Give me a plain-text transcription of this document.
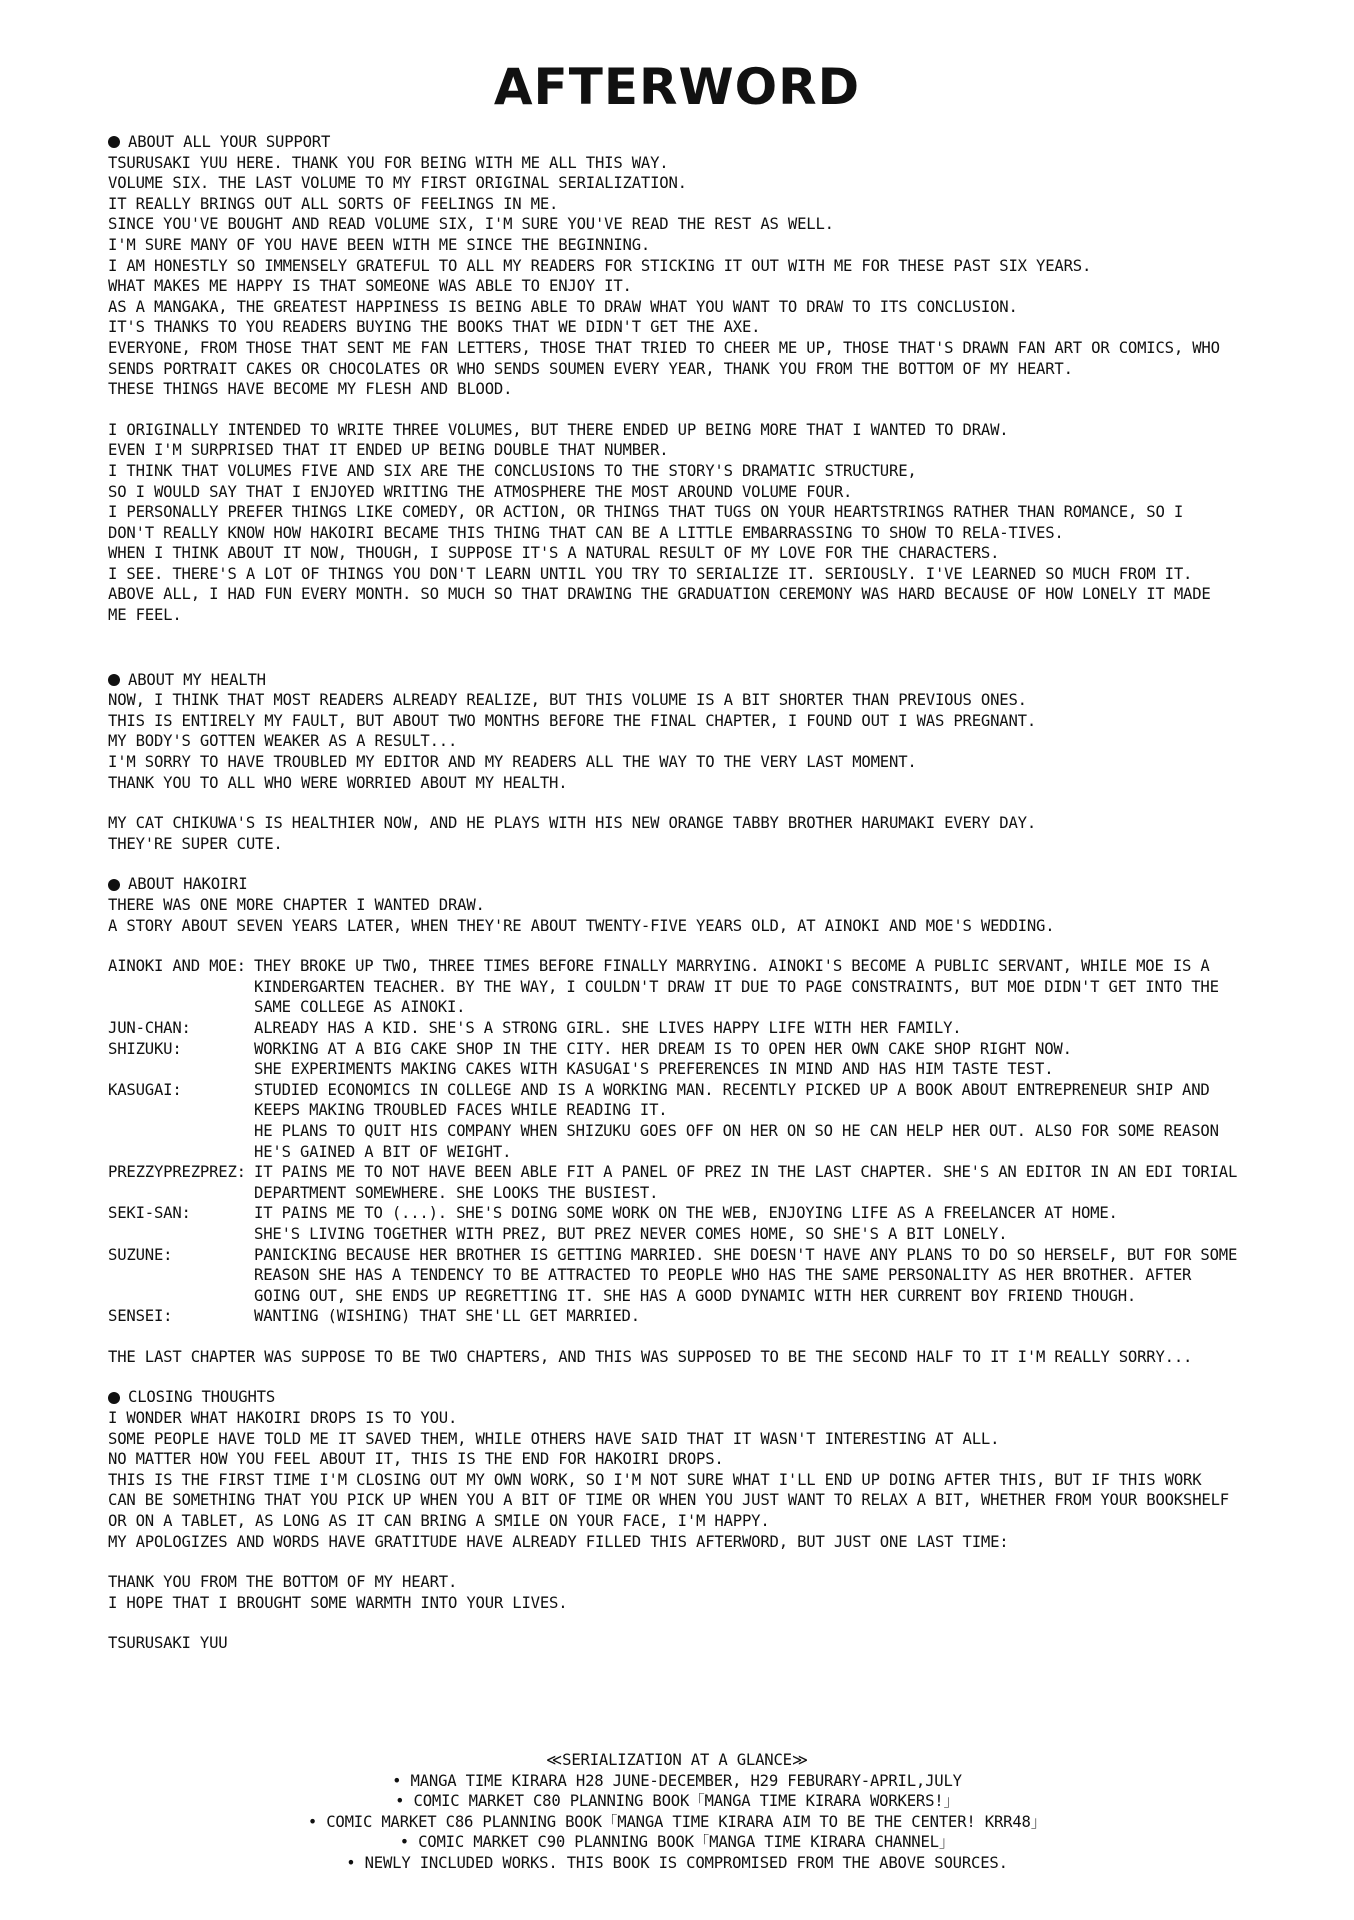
AFTERWORD
ABOUT ALL YOUR SUPPORT
TSURUSAKI YUU HERE. THANK YOU FOR BEING WITH ME ALL THIS WAY.
VOLUME SIX. THE LAST VOLUME TO MY FIRST ORIGINAL SERIALIZATION.
IT REALLY BRINGS OUT ALL SORTS OF FEELINGS IN ME.
SINCE YOU'VE BOUGHT AND READ VOLUME SIX, I'M SURE YOU'VE READ THE REST AS WELL.
I'M SURE MANY OF YOU HAVE BEEN WITH ME SINCE THE BEGINNING.
I AM HONESTLY SO IMMENSELY GRATEFUL TO ALL MY READERS FOR STICKING IT OUT WITH ME FOR THESE PAST SIX YEARS.
WHAT MAKES ME HAPPY IS THAT SOMEONE WAS ABLE TO ENJOY IT.
AS A MANGAKA, THE GREATEST HAPPINESS IS BEING ABLE TO DRAW WHAT YOU WANT TO DRAW TO ITS CONCLUSION.
IT'S THANKS TO YOU READERS BUYING THE BOOKS THAT WE DIDN'T GET THE AXE.
EVERYONE, FROM THOSE THAT SENT ME FAN LETTERS, THOSE THAT TRIED TO CHEER ME UP, THOSE THAT'S DRAWN FAN ART OR COMICS, WHO SENDS PORTRAIT CAKES OR CHOCOLATES OR WHO SENDS SOUMEN EVERY YEAR, THANK YOU FROM THE BOTTOM OF MY HEART.
THESE THINGS HAVE BECOME MY FLESH AND BLOOD.
I ORIGINALLY INTENDED TO WRITE THREE VOLUMES, BUT THERE ENDED UP BEING MORE THAT I WANTED TO DRAW.
EVEN I'M SURPRISED THAT IT ENDED UP BEING DOUBLE THAT NUMBER.
I THINK THAT VOLUMES FIVE AND SIX ARE THE CONCLUSIONS TO THE STORY'S DRAMATIC STRUCTURE,
SO I WOULD SAY THAT I ENJOYED WRITING THE ATMOSPHERE THE MOST AROUND VOLUME FOUR.
I PERSONALLY PREFER THINGS LIKE COMEDY, OR ACTION, OR THINGS THAT TUGS ON YOUR HEARTSTRINGS RATHER THAN ROMANCE, SO I DON'T REALLY KNOW HOW HAKOIRI BECAME THIS THING THAT CAN BE A LITTLE EMBARRASSING TO SHOW TO RELA-TIVES.
WHEN I THINK ABOUT IT NOW, THOUGH, I SUPPOSE IT'S A NATURAL RESULT OF MY LOVE FOR THE CHARACTERS.
I SEE. THERE'S A LOT OF THINGS YOU DON'T LEARN UNTIL YOU TRY TO SERIALIZE IT. SERIOUSLY. I'VE LEARNED SO MUCH FROM IT.
ABOVE ALL, I HAD FUN EVERY MONTH. SO MUCH SO THAT DRAWING THE GRADUATION CEREMONY WAS HARD BECAUSE OF HOW LONELY IT MADE ME FEEL.
ABOUT MY HEALTH
NOW, I THINK THAT MOST READERS ALREADY REALIZE, BUT THIS VOLUME IS A BIT SHORTER THAN PREVIOUS ONES.
THIS IS ENTIRELY MY FAULT, BUT ABOUT TWO MONTHS BEFORE THE FINAL CHAPTER, I FOUND OUT I WAS PREGNANT.
MY BODY'S GOTTEN WEAKER AS A RESULT...
I'M SORRY TO HAVE TROUBLED MY EDITOR AND MY READERS ALL THE WAY TO THE VERY LAST MOMENT.
THANK YOU TO ALL WHO WERE WORRIED ABOUT MY HEALTH.
MY CAT CHIKUWA'S IS HEALTHIER NOW, AND HE PLAYS WITH HIS NEW ORANGE TABBY BROTHER HARUMAKI EVERY DAY.
THEY'RE SUPER CUTE.
ABOUT HAKOIRI
THERE WAS ONE MORE CHAPTER I WANTED DRAW.
A STORY ABOUT SEVEN YEARS LATER, WHEN THEY'RE ABOUT TWENTY-FIVE YEARS OLD, AT AINOKI AND MOE'S WEDDING.
AINOKI AND MOE: THEY BROKE UP TWO, THREE TIMES BEFORE FINALLY MARRYING. AINOKI'S BECOME A PUBLIC SERVANT, WHILE MOE IS A KINDERGARTEN TEACHER. BY THE WAY, I COULDN'T DRAW IT DUE TO PAGE CONSTRAINTS, BUT MOE DIDN'T GET INTO THE SAME COLLEGE AS AINOKI.
JUN-CHAN:	ALREADY HAS A KID. SHE'S A STRONG GIRL. SHE LIVES HAPPY LIFE WITH HER FAMILY.
SHIZUKU:	WORKING AT A BIG CAKE SHOP IN THE CITY. HER DREAM IS TO OPEN HER OWN CAKE SHOP RIGHT NOW.
SHE EXPERIMENTS MAKING CAKES WITH KASUGAI'S PREFERENCES IN MIND AND HAS HIM TASTE TEST.
KASUGAI:	STUDIED ECONOMICS IN COLLEGE AND IS A WORKING MAN. RECENTLY PICKED UP A BOOK ABOUT ENTREPRENEUR SHIP AND KEEPS MAKING TROUBLED FACES WHILE READING IT.
HE PLANS TO QUIT HIS COMPANY WHEN SHIZUKU GOES OFF ON HER ON SO HE CAN HELP HER OUT. ALSO FOR SOME REASON HE'S GAINED A BIT OF WEIGHT.
PREZZYPREZPREZ: IT PAINS ME TO NOT HAVE BEEN ABLE FIT A PANEL OF PREZ IN THE LAST CHAPTER. SHE'S AN EDITOR IN AN EDI TORIAL DEPARTMENT SOMEWHERE. SHE LOOKS THE BUSIEST.
SEKI-SAN:	IT PAINS ME TO (...). SHE'S DOING SOME WORK ON THE WEB, ENJOYING LIFE AS A FREELANCER AT HOME.
SHE'S LIVING TOGETHER WITH PREZ, BUT PREZ NEVER COMES HOME, SO SHE'S A BIT LONELY.
SUZUNE:	PANICKING BECAUSE HER BROTHER IS GETTING MARRIED. SHE DOESN'T HAVE ANY PLANS TO DO SO HERSELF, BUT FOR SOME REASON SHE HAS A TENDENCY TO BE ATTRACTED TO PEOPLE WHO HAS THE SAME PERSONALITY AS HER BROTHER. AFTER GOING OUT, SHE ENDS UP REGRETTING IT. SHE HAS A GOOD DYNAMIC WITH HER CURRENT BOY FRIEND THOUGH.
SENSEI:	WANTING (WISHING) THAT SHE'LL GET MARRIED.
THE LAST CHAPTER WAS SUPPOSE TO BE TWO CHAPTERS, AND THIS WAS SUPPOSED TO BE THE SECOND HALF TO IT I'M REALLY SORRY...
CLOSING THOUGHTS
I WONDER WHAT HAKOIRI DROPS IS TO YOU.
SOME PEOPLE HAVE TOLD ME IT SAVED THEM, WHILE OTHERS HAVE SAID THAT IT WASN'T INTERESTING AT ALL.
NO MATTER HOW YOU FEEL ABOUT IT, THIS IS THE END FOR HAKOIRI DROPS.
THIS IS THE FIRST TIME I'M CLOSING OUT MY OWN WORK, SO I'M NOT SURE WHAT I'LL END UP DOING AFTER THIS, BUT IF THIS WORK CAN BE SOMETHING THAT YOU PICK UP WHEN YOU A BIT OF TIME OR WHEN YOU JUST WANT TO RELAX A BIT, WHETHER FROM YOUR BOOKSHELF OR ON A TABLET, AS LONG AS IT CAN BRING A SMILE ON YOUR FACE, I'M HAPPY.
MY APOLOGIZES AND WORDS HAVE GRATITUDE HAVE ALREADY FILLED THIS AFTERWORD, BUT JUST ONE LAST TIME:
THANK YOU FROM THE BOTTOM OF MY HEART.
I HOPE THAT I BROUGHT SOME WARMTH INTO YOUR LIVES.
TSURUSAKI YUU
≪SERIALIZATION AT A GLANCE≫
• MANGA TIME KIRARA H28 JUNE-DECEMBER, H29 FEBURARY-APRIL,JULY
• COMIC MARKET C80 PLANNING BOOK「MANGA TIME KIRARA WORKERS!」
• COMIC MARKET C86 PLANNING BOOK「MANGA TIME KIRARA AIM TO BE THE CENTER! KRR48」
• COMIC MARKET C90 PLANNING BOOK「MANGA TIME KIRARA CHANNEL」
• NEWLY INCLUDED WORKS. THIS BOOK IS COMPROMISED FROM THE ABOVE SOURCES.
